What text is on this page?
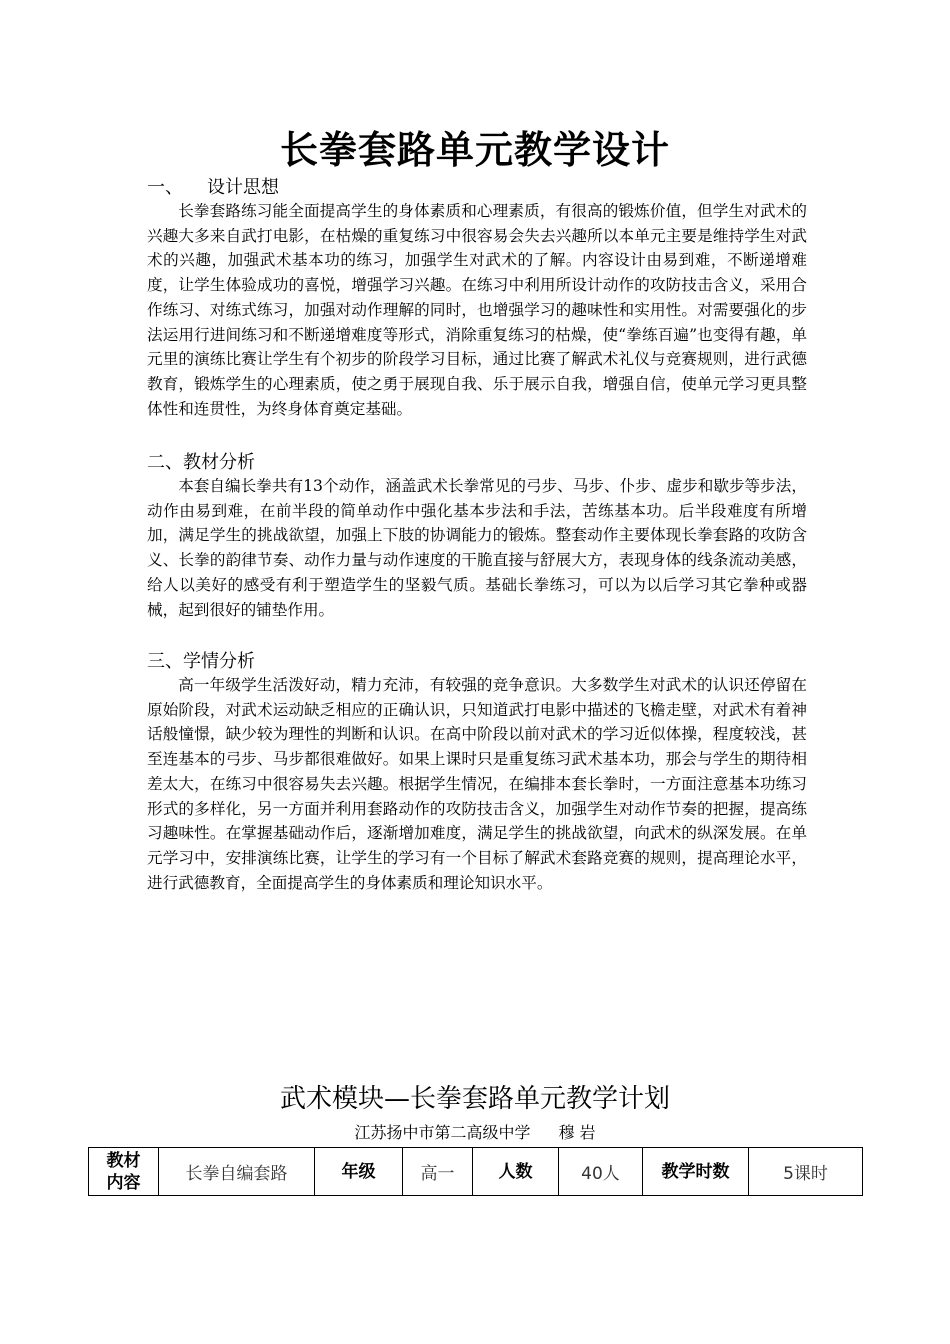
长拳套路单元教学设计
一、 设计思想
长拳套路练习能全面提高学生的身体素质和心理素质，有很高的锻炼价值，但学生对武术的兴趣大多来自武打电影，在枯燥的重复练习中很容易会失去兴趣所以本单元主要是维持学生对武术的兴趣，加强武术基本功的练习，加强学生对武术的了解。内容设计由易到难，不断递增难度，让学生体验成功的喜悦，增强学习兴趣。在练习中利用所设计动作的攻防技击含义，采用合作练习、对练式练习，加强对动作理解的同时，也增强学习的趣味性和实用性。对需要强化的步法运用行进间练习和不断递增难度等形式，消除重复练习的枯燥，使“拳练百遍”也变得有趣，单元里的演练比赛让学生有个初步的阶段学习目标，通过比赛了解武术礼仪与竞赛规则，进行武德教育，锻炼学生的心理素质，使之勇于展现自我、乐于展示自我，增强自信，使单元学习更具整体性和连贯性，为终身体育奠定基础。
二、教材分析
本套自编长拳共有13个动作，涵盖武术长拳常见的弓步、马步、仆步、虚步和歇步等步法，动作由易到难，在前半段的简单动作中强化基本步法和手法，苦练基本功。后半段难度有所增加，满足学生的挑战欲望，加强上下肢的协调能力的锻炼。整套动作主要体现长拳套路的攻防含义、长拳的韵律节奏、动作力量与动作速度的干脆直接与舒展大方，表现身体的线条流动美感，给人以美好的感受有利于塑造学生的坚毅气质。基础长拳练习，可以为以后学习其它拳种或器械，起到很好的铺垫作用。
三、学情分析
高一年级学生活泼好动，精力充沛，有较强的竞争意识。大多数学生对武术的认识还停留在原始阶段，对武术运动缺乏相应的正确认识，只知道武打电影中描述的飞檐走壁，对武术有着神话般憧憬，缺少较为理性的判断和认识。在高中阶段以前对武术的学习近似体操，程度较浅，甚至连基本的弓步、马步都很难做好。如果上课时只是重复练习武术基本功，那会与学生的期待相差太大，在练习中很容易失去兴趣。根据学生情况，在编排本套长拳时，一方面注意基本功练习形式的多样化，另一方面并利用套路动作的攻防技击含义，加强学生对动作节奏的把握，提高练习趣味性。在掌握基础动作后，逐渐增加难度，满足学生的挑战欲望，向武术的纵深发展。在单元学习中，安排演练比赛，让学生的学习有一个目标了解武术套路竞赛的规则，提高理论水平，进行武德教育，全面提高学生的身体素质和理论知识水平。
武术模块—长拳套路单元教学计划
江苏扬中市第二高级中学 穆 岩
教材
内容	长拳自编套路	年级	高一	人数	40人	教学时数	5课时
